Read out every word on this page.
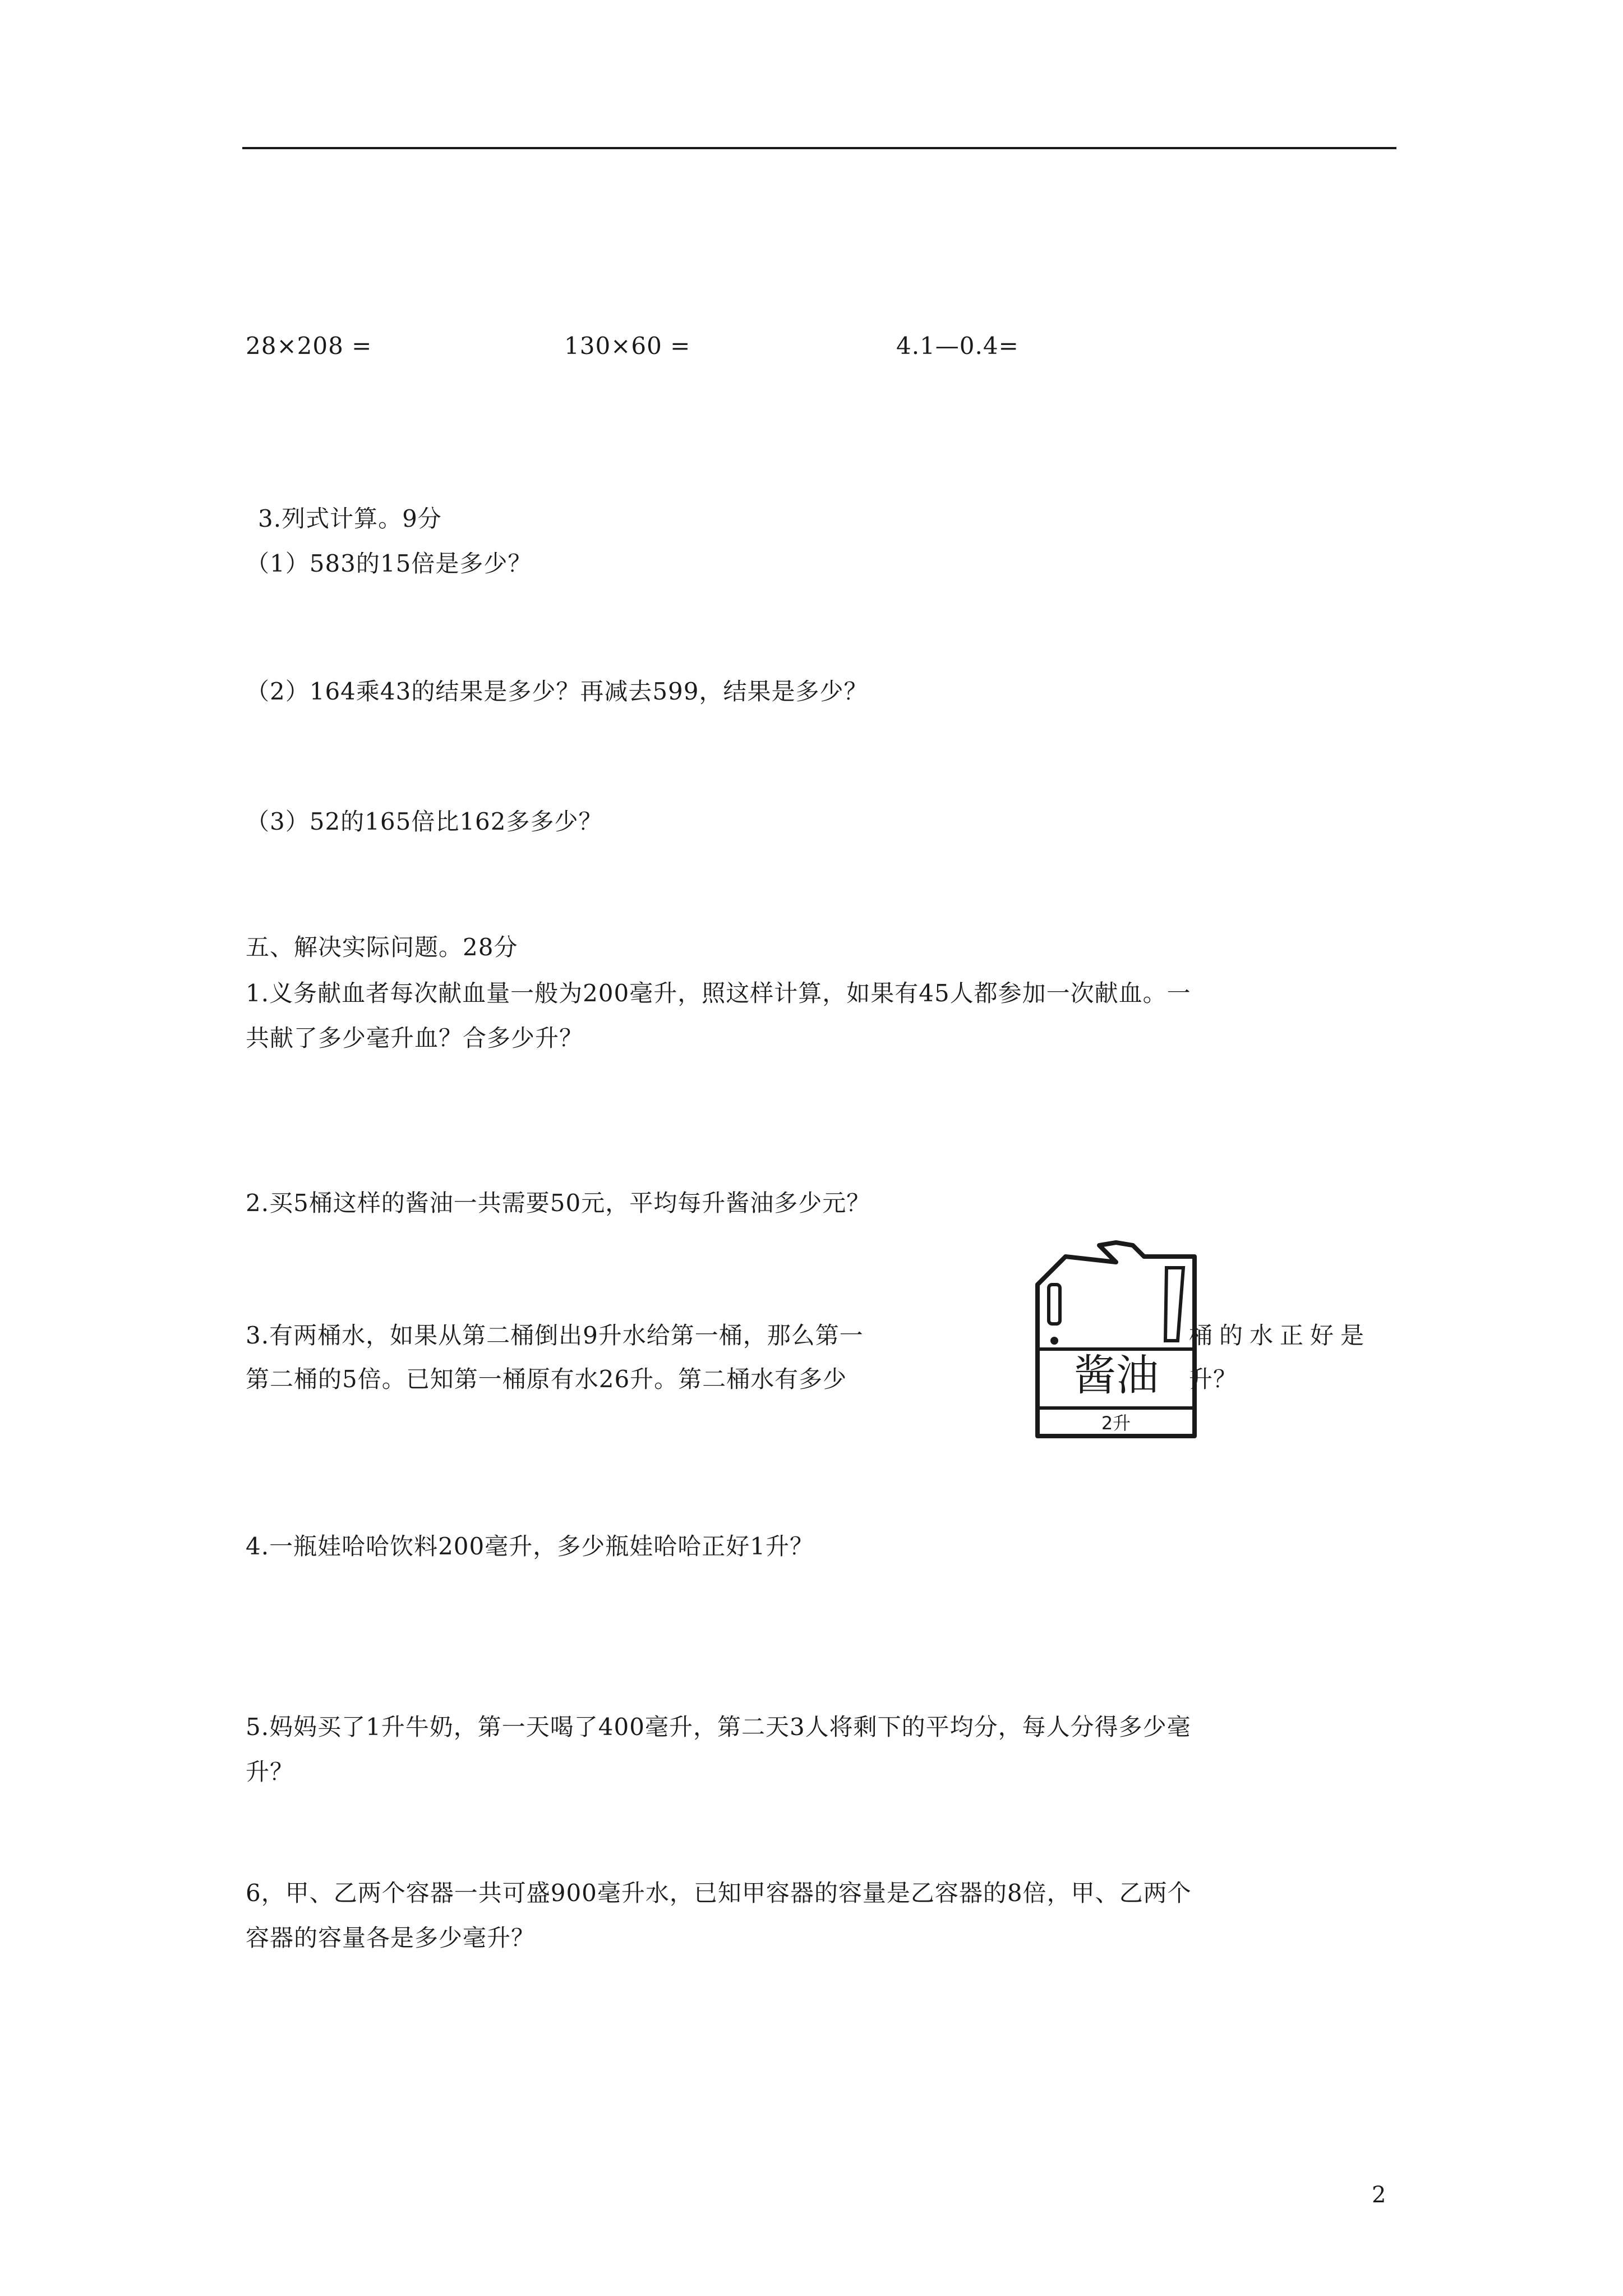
28×208 =	130×60 =	4.1—0.4=
3.列式计算。9分
（1）583的15倍是多少？
（2）164乘43的结果是多少？再减去599，结果是多少？
（3）52的165倍比162多多少？
五、解决实际问题。28分
1.义务献血者每次献血量一般为200毫升，照这样计算，如果有45人都参加一次献血。一
共献了多少毫升血？合多少升？
2.买5桶这样的酱油一共需要50元，平均每升酱油多少元？
3.有两桶水，如果从第二桶倒出9升水给第一桶，那么第一	桶的水正好是
第二桶的5倍。已知第一桶原有水26升。第二桶水有多少	升？
酱油
2升
4.一瓶娃哈哈饮料200毫升，多少瓶娃哈哈正好1升？
5.妈妈买了1升牛奶，第一天喝了400毫升，第二天3人将剩下的平均分，每人分得多少毫
升？
6，甲、乙两个容器一共可盛900毫升水，已知甲容器的容量是乙容器的8倍，甲、乙两个
容器的容量各是多少毫升？
2
